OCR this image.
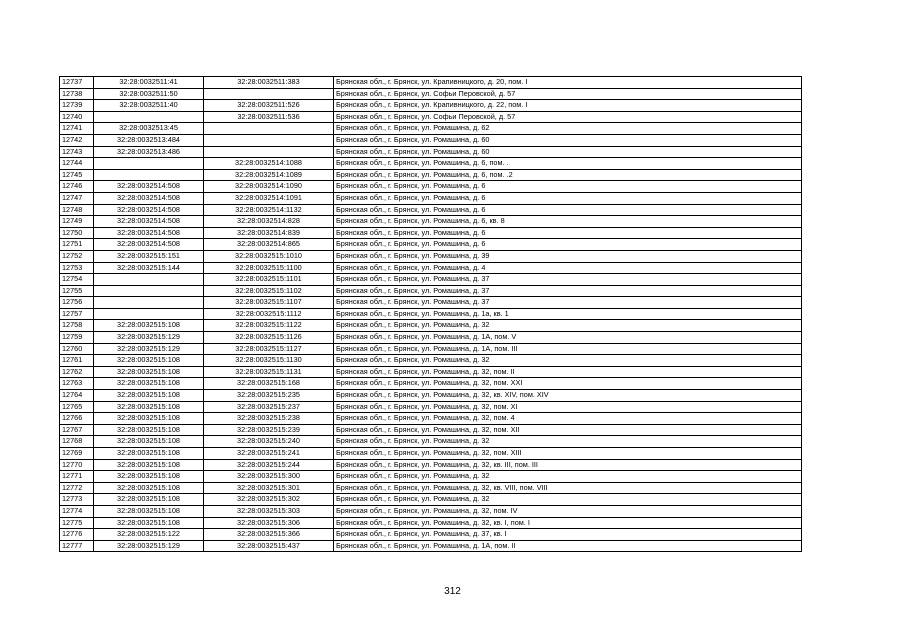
12737	32:28:0032511:41	32:28:0032511:383	Брянская обл., г. Брянск, ул. Крапивницкого, д. 20, пом. I
12738	32:28:0032511:50		Брянская обл., г. Брянск, ул. Софьи Перовской, д. 57
12739	32:28:0032511:40	32:28:0032511:526	Брянская обл., г. Брянск, ул. Крапивницкого, д. 22, пом. I
12740		32:28:0032511:536	Брянская обл., г. Брянск, ул. Софьи Перовской, д. 57
12741	32:28:0032513:45		Брянская обл., г. Брянск, ул. Ромашина, д. 62
12742	32:28:0032513:484		Брянская обл., г. Брянск, ул. Ромашина, д. 60
12743	32:28:0032513:486		Брянская обл., г. Брянск, ул. Ромашина, д. 60
12744		32:28:0032514:1088	Брянская обл., г. Брянск, ул. Ромашина, д. 6, пом. .
12745		32:28:0032514:1089	Брянская обл., г. Брянск, ул. Ромашина, д. 6, пом. .2
12746	32:28:0032514:508	32:28:0032514:1090	Брянская обл., г. Брянск, ул. Ромашина, д. 6
12747	32:28:0032514:508	32:28:0032514:1091	Брянская обл., г. Брянск, ул. Ромашина, д. 6
12748	32:28:0032514:508	32:28:0032514:1132	Брянская обл., г. Брянск, ул. Ромашина, д. 6
12749	32:28:0032514:508	32:28:0032514:828	Брянская обл., г. Брянск, ул. Ромашина, д. 6, кв. 8
12750	32:28:0032514:508	32:28:0032514:839	Брянская обл., г. Брянск, ул. Ромашина, д. 6
12751	32:28:0032514:508	32:28:0032514:865	Брянская обл., г. Брянск, ул. Ромашина, д. 6
12752	32:28:0032515:151	32:28:0032515:1010	Брянская обл., г. Брянск, ул. Ромашина, д. 39
12753	32:28:0032515:144	32:28:0032515:1100	Брянская обл., г. Брянск, ул. Ромашина, д. 4
12754		32:28:0032515:1101	Брянская обл., г. Брянск, ул. Ромашина, д. 37
12755		32:28:0032515:1102	Брянская обл., г. Брянск, ул. Ромашина, д. 37
12756		32:28:0032515:1107	Брянская обл., г. Брянск, ул. Ромашина, д. 37
12757		32:28:0032515:1112	Брянская обл., г. Брянск, ул. Ромашина, д. 1а, кв. 1
12758	32:28:0032515:108	32:28:0032515:1122	Брянская обл., г. Брянск, ул. Ромашина, д. 32
12759	32:28:0032515:129	32:28:0032515:1126	Брянская обл., г. Брянск, ул. Ромашина, д. 1А, пом. V
12760	32:28:0032515:129	32:28:0032515:1127	Брянская обл., г. Брянск, ул. Ромашина, д. 1А, пом. III
12761	32:28:0032515:108	32:28:0032515:1130	Брянская обл., г. Брянск, ул. Ромашина, д. 32
12762	32:28:0032515:108	32:28:0032515:1131	Брянская обл., г. Брянск, ул. Ромашина, д. 32, пом. II
12763	32:28:0032515:108	32:28:0032515:168	Брянская обл., г. Брянск, ул. Ромашина, д. 32, пом. XXI
12764	32:28:0032515:108	32:28:0032515:235	Брянская обл., г. Брянск, ул. Ромашина, д. 32, кв. XIV, пом. XIV
12765	32:28:0032515:108	32:28:0032515:237	Брянская обл., г. Брянск, ул. Ромашина, д. 32, пом. XI
12766	32:28:0032515:108	32:28:0032515:238	Брянская обл., г. Брянск, ул. Ромашина, д. 32, пом. 4
12767	32:28:0032515:108	32:28:0032515:239	Брянская обл., г. Брянск, ул. Ромашина, д. 32, пом. XII
12768	32:28:0032515:108	32:28:0032515:240	Брянская обл., г. Брянск, ул. Ромашина, д. 32
12769	32:28:0032515:108	32:28:0032515:241	Брянская обл., г. Брянск, ул. Ромашина, д. 32, пом. XIII
12770	32:28:0032515:108	32:28:0032515:244	Брянская обл., г. Брянск, ул. Ромашина, д. 32, кв. III, пом. III
12771	32:28:0032515:108	32:28:0032515:300	Брянская обл., г. Брянск, ул. Ромашина, д. 32
12772	32:28:0032515:108	32:28:0032515:301	Брянская обл., г. Брянск, ул. Ромашина, д. 32, кв. VIII, пом. VIII
12773	32:28:0032515:108	32:28:0032515:302	Брянская обл., г. Брянск, ул. Ромашина, д. 32
12774	32:28:0032515:108	32:28:0032515:303	Брянская обл., г. Брянск, ул. Ромашина, д. 32, пом. IV
12775	32:28:0032515:108	32:28:0032515:306	Брянская обл., г. Брянск, ул. Ромашина, д. 32, кв. I, пом. I
12776	32:28:0032515:122	32:28:0032515:366	Брянская обл., г. Брянск, ул. Ромашина, д. 37, кв. I
12777	32:28:0032515:129	32:28:0032515:437	Брянская обл., г. Брянск, ул. Ромашина, д. 1А, пом. II
312
